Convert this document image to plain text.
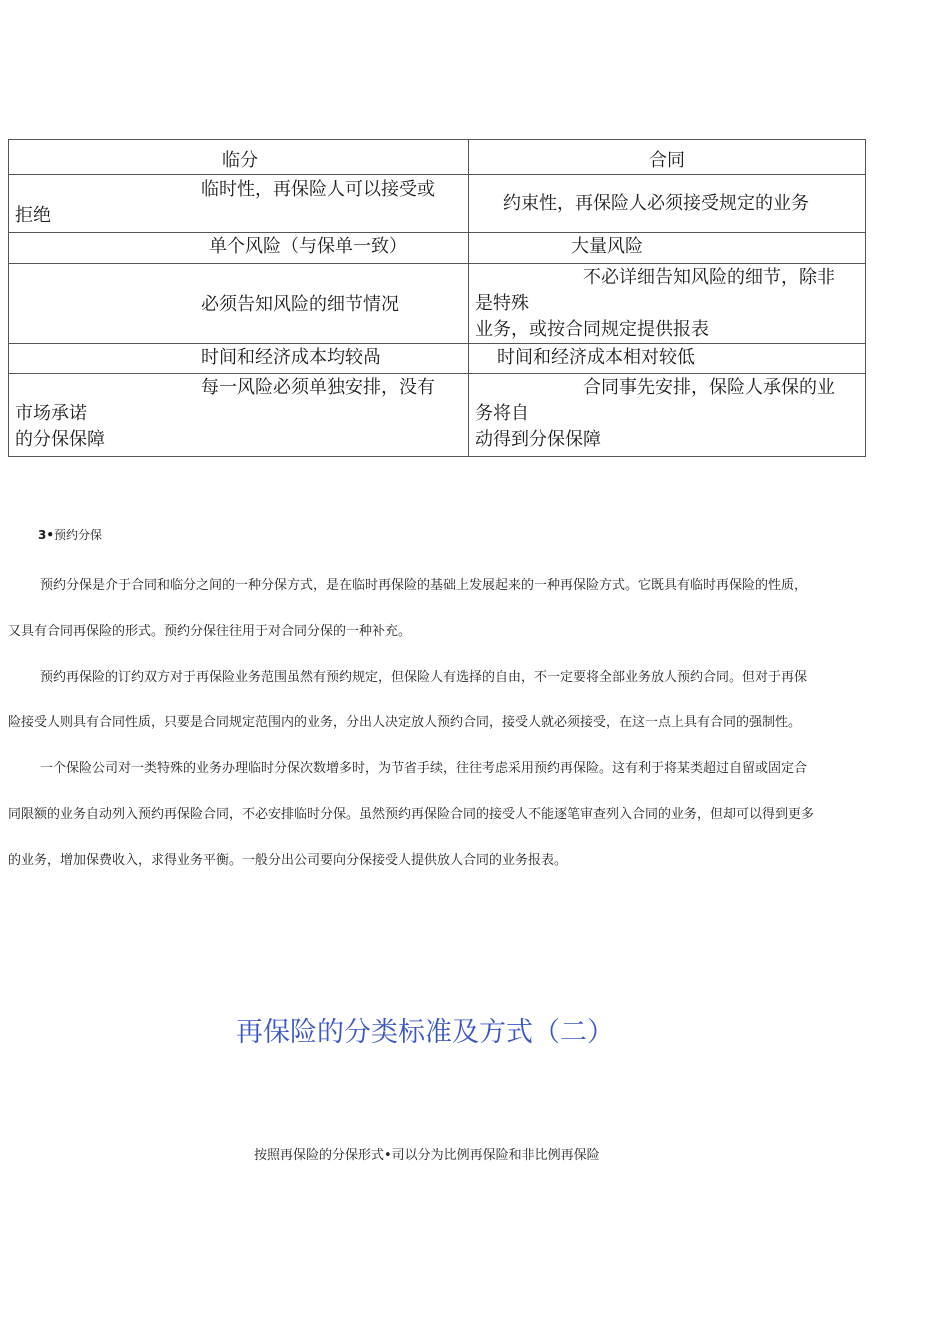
临分	合同

临时性，再保险人可以接受或
拒绝	约束性，再保险人必须接受规定的业务

单个风险（与保单一致）	大量风险

必须告知风险的细节情况	不必详细告知风险的细节，除非
是特殊
业务，或按合同规定提供报表

时间和经济成本均较咼	时间和经济成本相对较低

每一风险必须单独安排，没有
市场承诺
的分保保障	合同事先安排，保险人承保的业
务将自
动得到分保保障
3•预约分保
预约分保是介于合同和临分之间的一种分保方式，是在临时再保险的基础上发展起来的一种再保险方式。它既具有临时再保险的性质，
又具有合同再保险的形式。预约分保往往用于对合同分保的一种补充。
预约再保险的订约双方对于再保险业务范围虽然有预约规定，但保险人有选择的自由，不一定要将全部业务放人预约合同。但对于再保
险接受人则具有合同性质，只要是合同规定范围内的业务，分出人决定放人预约合同，接受人就必须接受，在这一点上具有合同的强制性。
一个保险公司对一类特殊的业务办理临时分保次数增多时，为节省手续，往往考虑采用预约再保险。这有利于将某类超过自留或固定合
同限额的业务自动列入预约再保险合同，不必安排临时分保。虽然预约再保险合同的接受人不能逐笔审查列入合同的业务，但却可以得到更多
的业务，增加保费收入，求得业务平衡。一般分出公司要向分保接受人提供放人合同的业务报表。
再保险的分类标准及方式（二）
按照再保险的分保形式•司以分为比例再保险和非比例再保险
